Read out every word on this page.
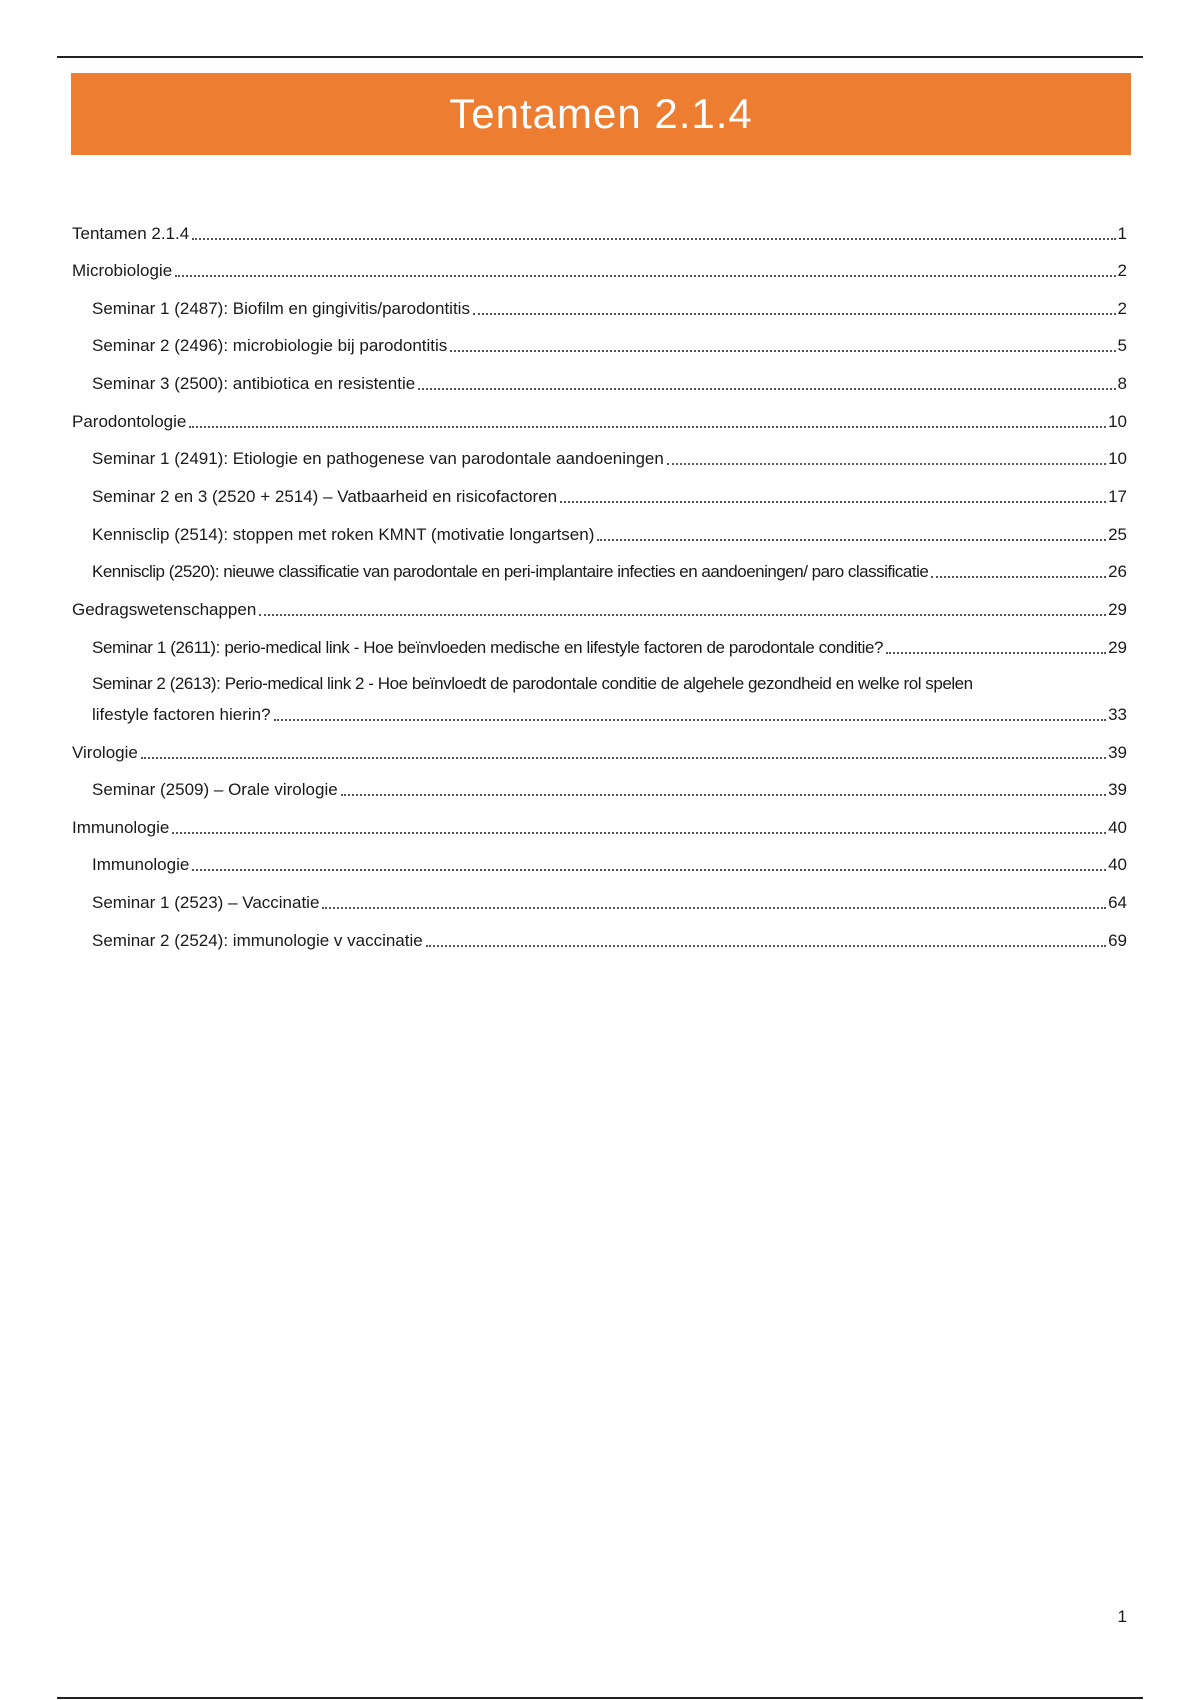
Tentamen 2.1.4
Tentamen 2.1.4	1
Microbiologie	2
Seminar 1 (2487): Biofilm en gingivitis/parodontitis	2
Seminar 2 (2496): microbiologie bij parodontitis	5
Seminar 3 (2500): antibiotica en resistentie	8
Parodontologie	10
Seminar 1 (2491): Etiologie en pathogenese van parodontale aandoeningen	10
Seminar 2 en 3 (2520 + 2514) – Vatbaarheid en risicofactoren	17
Kennisclip (2514): stoppen met roken KMNT (motivatie longartsen)	25
Kennisclip (2520): nieuwe classificatie van parodontale en peri-implantaire infecties en aandoeningen/ paro classificatie	26
Gedragswetenschappen	29
Seminar 1 (2611): perio-medical link - Hoe beïnvloeden medische en lifestyle factoren de parodontale conditie?	29
Seminar 2 (2613): Perio-medical link 2 - Hoe beïnvloedt de parodontale conditie de algehele gezondheid en welke rol spelen
lifestyle factoren hierin?	33
Virologie	39
Seminar (2509) – Orale virologie	39
Immunologie	40
Immunologie	40
Seminar 1 (2523) – Vaccinatie	64
Seminar 2 (2524): immunologie v vaccinatie	69
1
